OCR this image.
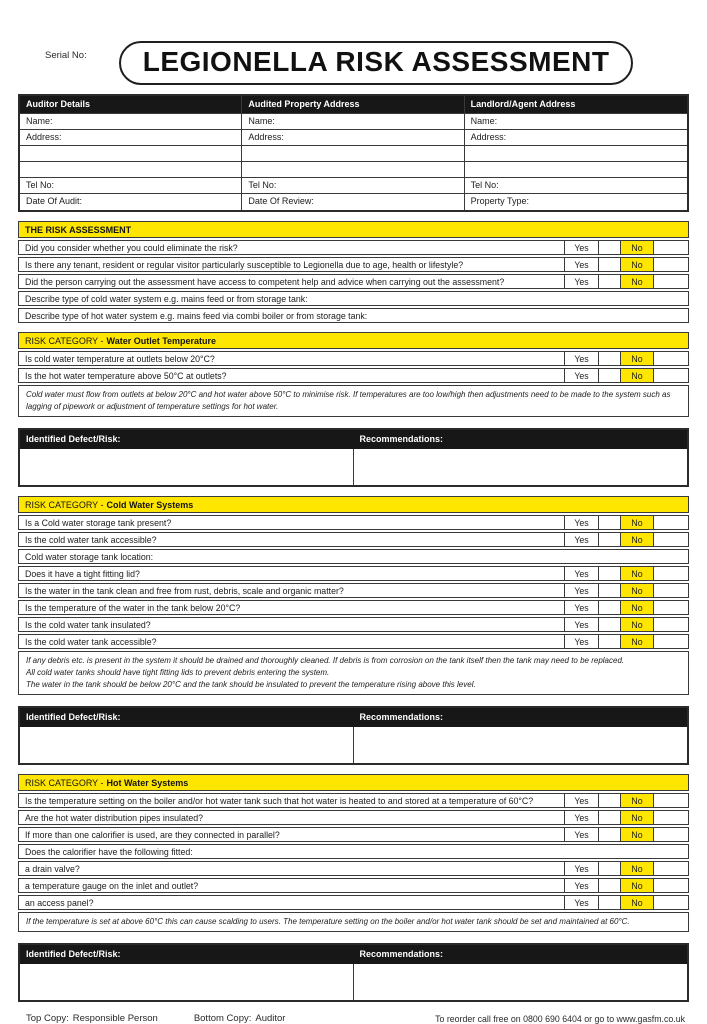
Serial No:	LEGIONELLA RISK ASSESSMENT
Auditor Details	Audited Property Address	Landlord/Agent Address
Name:	Name:	Name:
Address:	Address:	Address:
Tel No:	Tel No:	Tel No:
Date Of Audit:	Date Of Review:	Property Type:
THE RISK ASSESSMENT
Did you consider whether you could eliminate the risk?	Yes	No
Is there any tenant, resident or regular visitor particularly susceptible to Legionella due to age, health or lifestyle?	Yes	No
Did the person carrying out the assessment have access to competent help and advice when carrying out the assessment?	Yes	No
Describe type of cold water system e.g. mains feed or from storage tank:
Describe type of hot water system e.g. mains feed via combi boiler or from storage tank:
RISK CATEGORY - Water Outlet Temperature
Is cold water temperature at outlets below 20°C?	Yes	No
Is the hot water temperature above 50°C at outlets?	Yes	No
Cold water must flow from outlets at below 20°C and hot water above 50°C to minimise risk. If temperatures are too low/high then adjustments need to be made to the system such as lagging of pipework or adjustment of temperature settings for hot water.
Identified Defect/Risk:	Recommendations:
RISK CATEGORY - Cold Water Systems
Is a Cold water storage tank present?	Yes	No
Is the cold water tank accessible?	Yes	No
Cold water storage tank location:
Does it have a tight fitting lid?	Yes	No
Is the water in the tank clean and free from rust, debris, scale and organic matter?	Yes	No
Is the temperature of the water in the tank below 20°C?	Yes	No
Is the cold water tank insulated?	Yes	No
Is the cold water tank accessible?	Yes	No
If any debris etc. is present in the system it should be drained and thoroughly cleaned. If debris is from corrosion on the tank itself then the tank may need to be replaced.
All cold water tanks should have tight fitting lids to prevent debris entering the system.
The water in the tank should be below 20°C and the tank should be insulated to prevent the temperature rising above this level.
Identified Defect/Risk:	Recommendations:
RISK CATEGORY - Hot Water Systems
Is the temperature setting on the boiler and/or hot water tank such that hot water is heated to and stored at a temperature of 60°C?	Yes	No
Are the hot water distribution pipes insulated?	Yes	No
If more than one calorifier is used, are they connected in parallel?	Yes	No
Does the calorifier have the following fitted:
a drain valve?	Yes	No
a temperature gauge on the inlet and outlet?	Yes	No
an access panel?	Yes	No
If the temperature is set at above 60°C this can cause scalding to users. The temperature setting on the boiler and/or hot water tank should be set and maintained at 60°C.
Identified Defect/Risk:	Recommendations:
Top Copy: Responsible Person	Bottom Copy: Auditor	To reorder call free on 0800 690 6404 or go to www.gasfm.co.uk
